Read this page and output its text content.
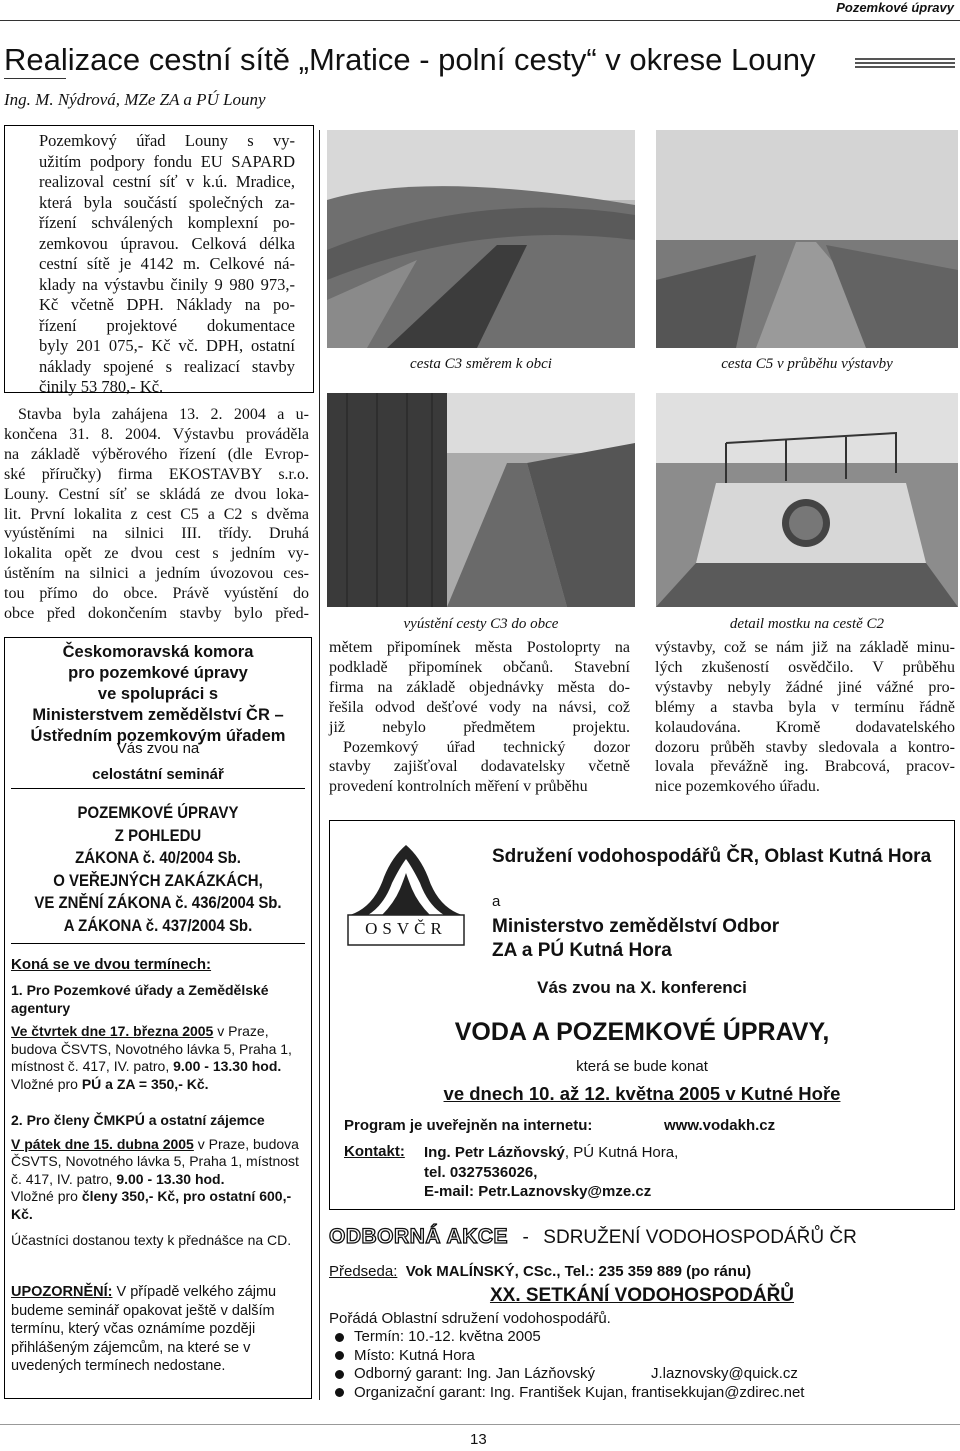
Pozemkové úpravy
Realizace cestní sítě „Mratice - polní cesty“ v okrese Louny
Ing. M. Nýdrová, MZe ZA a PÚ Louny
Pozemkový úřad Louny s vy-
užitím podpory fondu EU SAPARD
realizoval cestní síť v k.ú. Mradice,
která byla součástí společných za-
řízení schválených komplexní po-
zemkovou úpravou. Celková délka
cestní sítě je 4142 m. Celkové ná-
klady na výstavbu činily 9 980 973,-
Kč včetně DPH. Náklady na po-
řízení projektové dokumentace
byly 201 075,- Kč vč. DPH, ostatní
náklady spojené s realizací stavby
činily 53 780,- Kč.
Stavba byla zahájena 13. 2. 2004 a u-
končena 31. 8. 2004. Výstavbu prováděla
na základě výběrového řízení (dle Evrop-
ské příručky) firma EKOSTAVBY s.r.o.
Louny. Cestní síť se skládá ze dvou loka-
lit. První lokalita z cest C5 a C2 s dvěma
vyústěními na silnici III. třídy. Druhá
lokalita opět ze dvou cest s jedním vy-
ústěním na silnici a jedním úvozovou ces-
tou přímo do obce. Právě vyústění do
obce před dokončením stavby bylo před-
cesta C3 směrem k obci	cesta C5 v průběhu výstavby
vyústění cesty C3 do obce	detail mostku na cestě C2
mětem připomínek města Postoloprty na
podkladě připomínek občanů. Stavební
firma na základě objednávky města do-
řešila odvod dešťové vody na návsi, což
již nebylo předmětem projektu.
Pozemkový úřad technický dozor
stavby zajišťoval dodavatelsky včetně
provedení kontrolních měření v průběhu
výstavby, což se nám již na základě minu-
lých zkušeností osvědčilo. V průběhu
výstavby nebyly žádné jiné vážné pro-
blémy a stavba byla v termínu řádně
kolaudována. Kromě dodavatelského
dozoru průběh stavby sledovala a kontro-
lovala převážně ing. Brabcová, pracov-
nice pozemkového úřadu.
Českomoravská komora
pro pozemkové úpravy
ve spolupráci s
Ministerstvem zemědělství ČR –
Ústředním pozemkovým úřadem
Vás zvou na
celostátní seminář
POZEMKOVÉ ÚPRAVY
Z POHLEDU
ZÁKONA č. 40/2004 Sb.
O VEŘEJNÝCH ZAKÁZKÁCH,
VE ZNĚNÍ ZÁKONA č. 436/2004 Sb.
A ZÁKONA č. 437/2004 Sb.
Koná se ve dvou termínech:
1. Pro Pozemkové úřady a Zemědělské agentury
Ve čtvrtek dne 17. března 2005 v Praze, budova ČSVTS, Novotného lávka 5, Praha 1, místnost č. 417, IV. patro, 9.00 - 13.30 hod.
Vložné pro PÚ a ZA = 350,- Kč.
2. Pro členy ČMKPÚ a ostatní zájemce
V pátek dne 15. dubna 2005 v Praze, budova ČSVTS, Novotného lávka 5, Praha 1, místnost č. 417, IV. patro, 9.00 - 13.30 hod.
Vložné pro členy 350,- Kč, pro ostatní 600,- Kč.
Účastníci dostanou texty k přednášce na CD.
UPOZORNĚNÍ: V případě velkého zájmu budeme seminář opakovat ještě v dalším termínu, který včas oznámíme později přihlášeným zájemcům, na které se v uvedených termínech nedostane.
OSVČR
Sdružení vodohospodářů ČR, Oblast Kutná Hora
a
Ministerstvo zemědělství Odbor ZA a PÚ Kutná Hora
Vás zvou na X. konferenci
VODA A POZEMKOVÉ ÚPRAVY,
která se bude konat
ve dnech 10. až 12. května 2005 v Kutné Hoře
Program je uveřejněn na internetu:	www.vodakh.cz
Kontakt: Ing. Petr Lázňovský, PÚ Kutná Hora,
tel. 0327536026,
E-mail: Petr.Laznovsky@mze.cz
ODBORNÁ AKCE - SDRUŽENÍ VODOHOSPODÁŘŮ ČR
Předseda: Vok MALÍNSKÝ, CSc., Tel.: 235 359 889 (po ránu)
XX. SETKÁNÍ VODOHOSPODÁŘŮ
Pořádá Oblastní sdružení vodohospodářů.
Termín: 10.-12. května 2005
Místo: Kutná Hora
Odborný garant: Ing. Jan Lázňovský	J.laznovsky@quick.cz
Organizační garant: Ing. František Kujan, frantisekkujan@zdirec.net
13
